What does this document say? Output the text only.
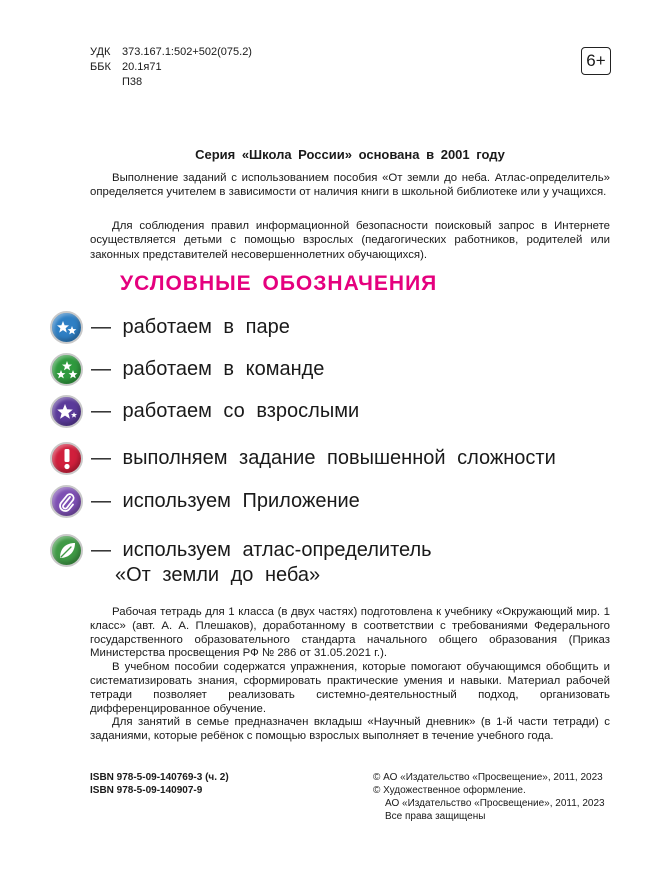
УДК	373.167.1:502+502(075.2)
ББК	20.1я71
П38
6+
Серия «Школа России» основана в 2001 году
Выполнение заданий с использованием пособия «От земли до неба. Атлас-определитель» определяется учителем в зависимости от наличия книги в школьной библиотеке или у учащихся.
Для соблюдения правил информационной безопасности поисковый запрос в Интернете осуществляется детьми с помощью взрослых (педагогических работников, родителей или законных представителей несовершеннолетних обучающихся).
УСЛОВНЫЕ ОБОЗНАЧЕНИЯ
— работаем в паре
— работаем в команде
— работаем со взрослыми
— выполняем задание повышенной сложности
— используем Приложение
— используем атлас-определитель
«От земли до неба»

Рабочая тетрадь для 1 класса (в двух частях) подготовлена к учебнику «Окружающий мир. 1 класс» (авт. А. А. Плешаков), доработанному в соответствии с требованиями Федерального государственного образовательного стандарта начального общего образования (Приказ Министерства просвещения РФ № 286 от 31.05.2021 г.).

В учебном пособии содержатся упражнения, которые помогают обучающимся обобщить и систематизировать знания, сформировать практические умения и навыки. Материал рабочей тетради позволяет реализовать системно-деятельностный подход, организовать дифференцированное обучение.

Для занятий в семье предназначен вкладыш «Научный дневник» (в 1-й части тетради) с заданиями, которые ребёнок с помощью взрослых выполняет в течение учебного года.

ISBN 978-5-09-140769-3 (ч. 2)
ISBN 978-5-09-140907-9
© АО «Издательство «Просвещение», 2011, 2023
© Художественное оформление.
АО «Издательство «Просвещение», 2011, 2023
Все права защищены
